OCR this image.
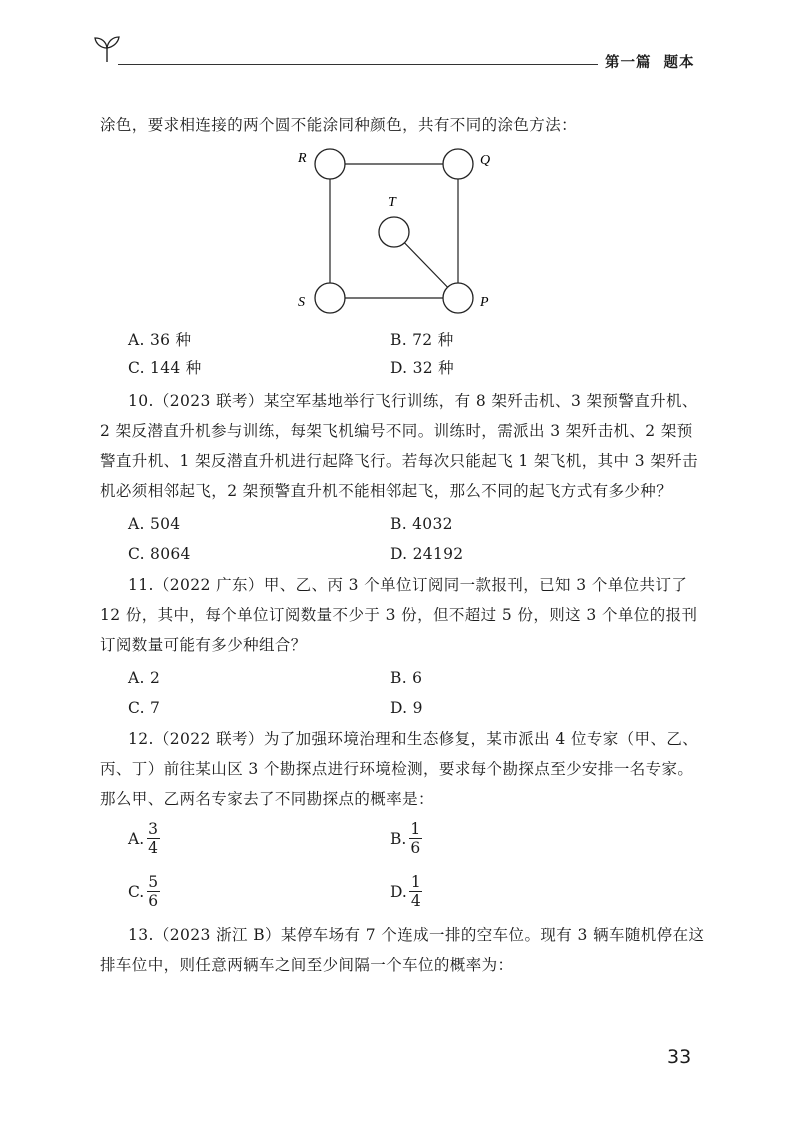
第一篇 题本
涂色，要求相连接的两个圆不能涂同种颜色，共有不同的涂色方法：
R	Q
T
S	P
A. 36 种	B. 72 种
C. 144 种	D. 32 种
10.（2023 联考）某空军基地举行飞行训练，有 8 架歼击机、3 架预警直升机、
2 架反潜直升机参与训练，每架飞机编号不同。训练时，需派出 3 架歼击机、2 架预
警直升机、1 架反潜直升机进行起降飞行。若每次只能起飞 1 架飞机，其中 3 架歼击
机必须相邻起飞，2 架预警直升机不能相邻起飞，那么不同的起飞方式有多少种？
A. 504	B. 4032
C. 8064	D. 24192
11.（2022 广东）甲、乙、丙 3 个单位订阅同一款报刊，已知 3 个单位共订了
12 份，其中，每个单位订阅数量不少于 3 份，但不超过 5 份，则这 3 个单位的报刊
订阅数量可能有多少种组合？
A. 2	B. 6
C. 7	D. 9
12.（2022 联考）为了加强环境治理和生态修复，某市派出 4 位专家（甲、乙、
丙、丁）前往某山区 3 个勘探点进行环境检测，要求每个勘探点至少安排一名专家。
那么甲、乙两名专家去了不同勘探点的概率是：
A. $\frac{3}{4}$	B. $\frac{1}{6}$
C. $\frac{5}{6}$	D. $\frac{1}{4}$
13.（2023 浙江 B）某停车场有 7 个连成一排的空车位。现有 3 辆车随机停在这
排车位中，则任意两辆车之间至少间隔一个车位的概率为：
33
